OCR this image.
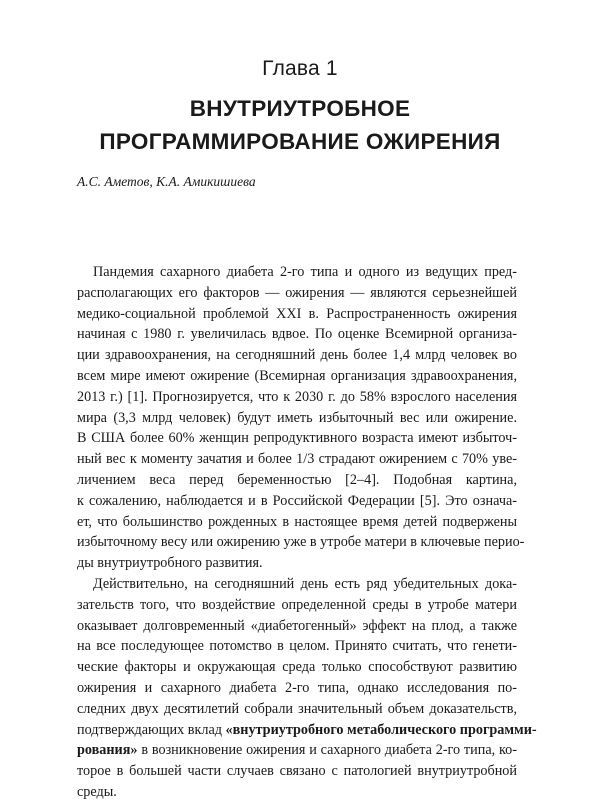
Глава 1
ВНУТРИУТРОБНОЕ
ПРОГРАММИРОВАНИЕ ОЖИРЕНИЯ
А.С. Аметов, К.А. Амикишиева
Пандемия сахарного диабета 2-го типа и одного из ведущих пред-
располагающих его факторов — ожирения — являются серьезнейшей
медико-социальной проблемой XXI в. Распространенность ожирения
начиная с 1980 г. увеличилась вдвое. По оценке Всемирной организа-
ции здравоохранения, на сегодняшний день более 1,4 млрд человек во
всем мире имеют ожирение (Всемирная организация здравоохранения,
2013 г.) [1]. Прогнозируется, что к 2030 г. до 58% взрослого населения
мира (3,3 млрд человек) будут иметь избыточный вес или ожирение.
В США более 60% женщин репродуктивного возраста имеют избыточ-
ный вес к моменту зачатия и более 1/3 страдают ожирением с 70% уве-
личением веса перед беременностью [2–4]. Подобная картина,
к сожалению, наблюдается и в Российской Федерации [5]. Это означа-
ет, что большинство рожденных в настоящее время детей подвержены
избыточному весу или ожирению уже в утробе матери в ключевые перио-
ды внутриутробного развития.
Действительно, на сегодняшний день есть ряд убедительных дока-
зательств того, что воздействие определенной среды в утробе матери
оказывает долговременный «диабетогенный» эффект на плод, а также
на все последующее потомство в целом. Принято считать, что генети-
ческие факторы и окружающая среда только способствуют развитию
ожирения и сахарного диабета 2-го типа, однако исследования по-
следних двух десятилетий собрали значительный объем доказательств,
подтверждающих вклад «внутриутробного метаболического программи-
рования» в возникновение ожирения и сахарного диабета 2-го типа, ко-
торое в большей части случаев связано с патологией внутриутробной
среды.
